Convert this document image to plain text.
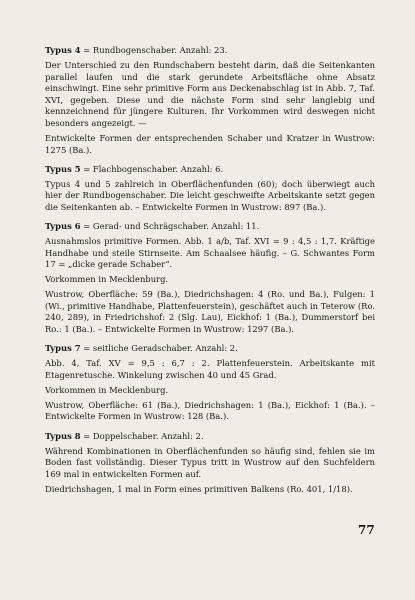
Typus 4 = Rundbogenschaber. Anzahl: 23.

Der Unterschied zu den Rundschabern besteht darin, daß die Seitenkanten parallel laufen und die stark gerundete Arbeitsfläche ohne Absatz einschwingt. Eine sehr primitive Form aus Deckenabschlag ist in Abb. 7, Taf. XVI, gegeben. Diese und die nächste Form sind sehr langlebig und kennzeichnend für jüngere Kulturen. Ihr Vorkommen wird deswegen nicht besonders angezeigt. —

Entwickelte Formen der entsprechenden Schaber und Kratzer in Wustrow: 1275 (Ba.).

Typus 5 = Flachbogenschaber. Anzahl: 6.

Typus 4 und 5 zahlreich in Oberflächenfunden (60); doch überwiegt auch hier der Rundbogenschaber. Die leicht geschweifte Arbeitskante setzt gegen die Seitenkanten ab. – Entwickelte Formen in Wustrow: 897 (Ba.).

Typus 6 = Gerad- und Schrägschaber. Anzahl: 11.

Ausnahmslos primitive Formen. Abb. 1 a/b, Taf. XVI = 9 : 4,5 : 1,7. Kräftige Handhabe und steile Stirnseite. Am Schaalsee häufig. – G. Schwantes Form 17 = „dicke gerade Schaber“.

Vorkommen in Mecklenburg.

Wustrow, Oberfläche: 59 (Ba.), Diedrichshagen: 4 (Ro. und Ba.), Fulgen: 1 (Wi., primitive Handhabe, Plattenfeuerstein), geschäftet auch in Teterow (Ro. 240, 289), in Friedrichshof: 2 (Slg. Lau), Eickhof: 1 (Ba.), Dummerstorf bei Ro.: 1 (Ba.). – Entwickelte Formen in Wustrow: 1297 (Ba.).

Typus 7 = seitliche Geradschaber. Anzahl: 2.

Abb. 4, Taf. XV = 9,5 : 6,7 : 2. Plattenfeuerstein. Arbeitskante mit Etagenretusche. Winkelung zwischen 40 und 45 Grad.

Vorkommen in Mecklenburg.

Wustrow, Oberfläche: 61 (Ba.), Diedrichshagen: 1 (Ba.), Eickhof: 1 (Ba.). – Entwickelte Formen in Wustrow: 128 (Ba.).

Typus 8 = Doppelschaber. Anzahl: 2.

Während Kombinationen in Oberflächenfunden so häufig sind, fehlen sie im Boden fast vollständig. Dieser Typus tritt in Wustrow auf den Suchfeldern 169 mal in entwickelten Formen auf.

Diedrichshagen, 1 mal in Form eines primitiven Balkens (Ro. 401, 1/18).

77
